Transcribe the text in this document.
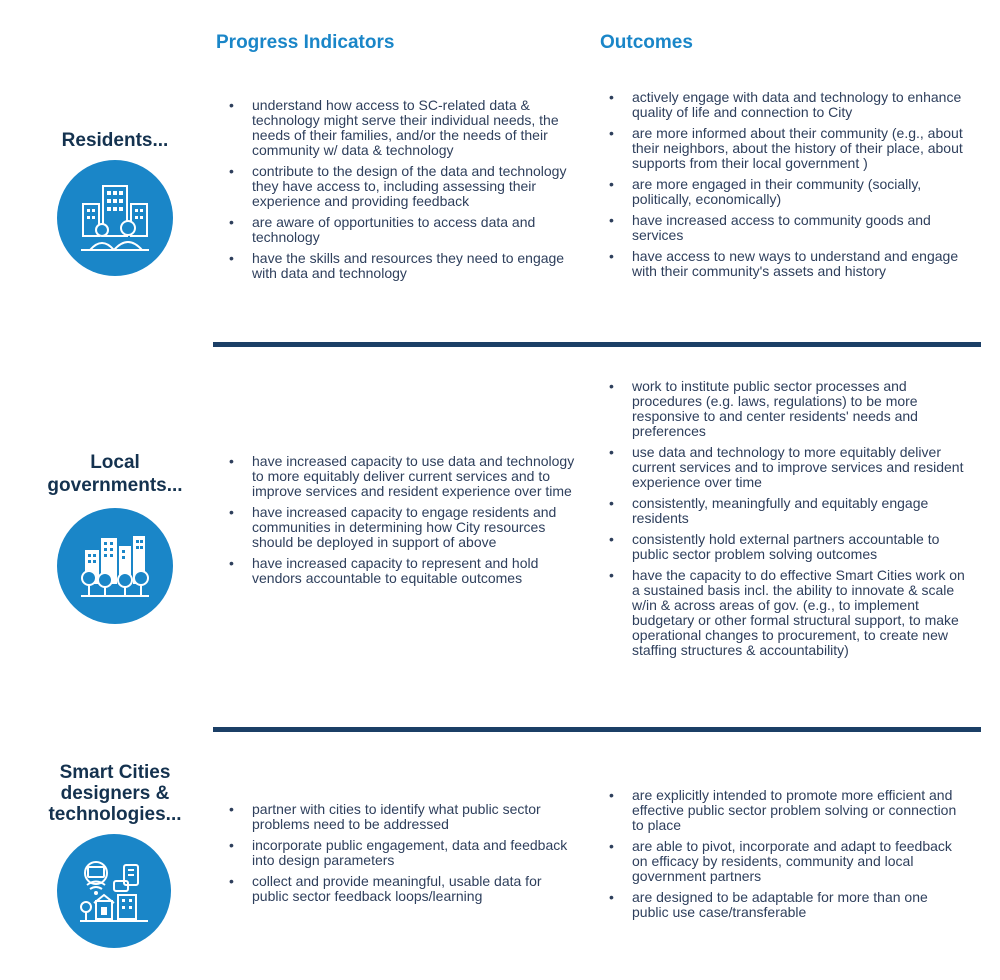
Progress Indicators	Outcomes
Residents...
• understand how access to SC-related data & technology might serve their individual needs, the needs of their families, and/or the needs of their community w/ data & technology
• contribute to the design of the data and technology they have access to, including assessing their experience and providing feedback
• are aware of opportunities to access data and technology
• have the skills and resources they need to engage with data and technology
• actively engage with data and technology to enhance quality of life and connection to City
• are more informed about their community (e.g., about their neighbors, about the history of their place, about supports from their local government )
• are more engaged in their community (socially, politically, economically)
• have increased access to community goods and services
• have access to new ways to understand and engage with their community's assets and history
Local
governments...
• have increased capacity to use data and technology to more equitably deliver current services and to improve services and resident experience over time
• have increased capacity to engage residents and communities in determining how City resources should be deployed in support of above
• have increased capacity to represent and hold vendors accountable to equitable outcomes
• work to institute public sector processes and procedures (e.g. laws, regulations) to be more responsive to and center residents' needs and preferences
• use data and technology to more equitably deliver current services and to improve services and resident experience over time
• consistently, meaningfully and equitably engage residents
• consistently hold external partners accountable to public sector problem solving outcomes
• have the capacity to do effective Smart Cities work on a sustained basis incl. the ability to innovate & scale w/in & across areas of gov. (e.g., to implement budgetary or other formal structural support, to make operational changes to procurement, to create new staffing structures & accountability)
Smart Cities
designers &
technologies...
•	partner with cities to identify what public sector problems need to be addressed
• incorporate public engagement, data and feedback into design parameters
• collect and provide meaningful, usable data for public sector feedback loops/learning
• are explicitly intended to promote more efficient and effective public sector problem solving or connection to place
• are able to pivot, incorporate and adapt to feedback on efficacy by residents, community and local government partners
• are designed to be adaptable for more than one public use case/transferable
